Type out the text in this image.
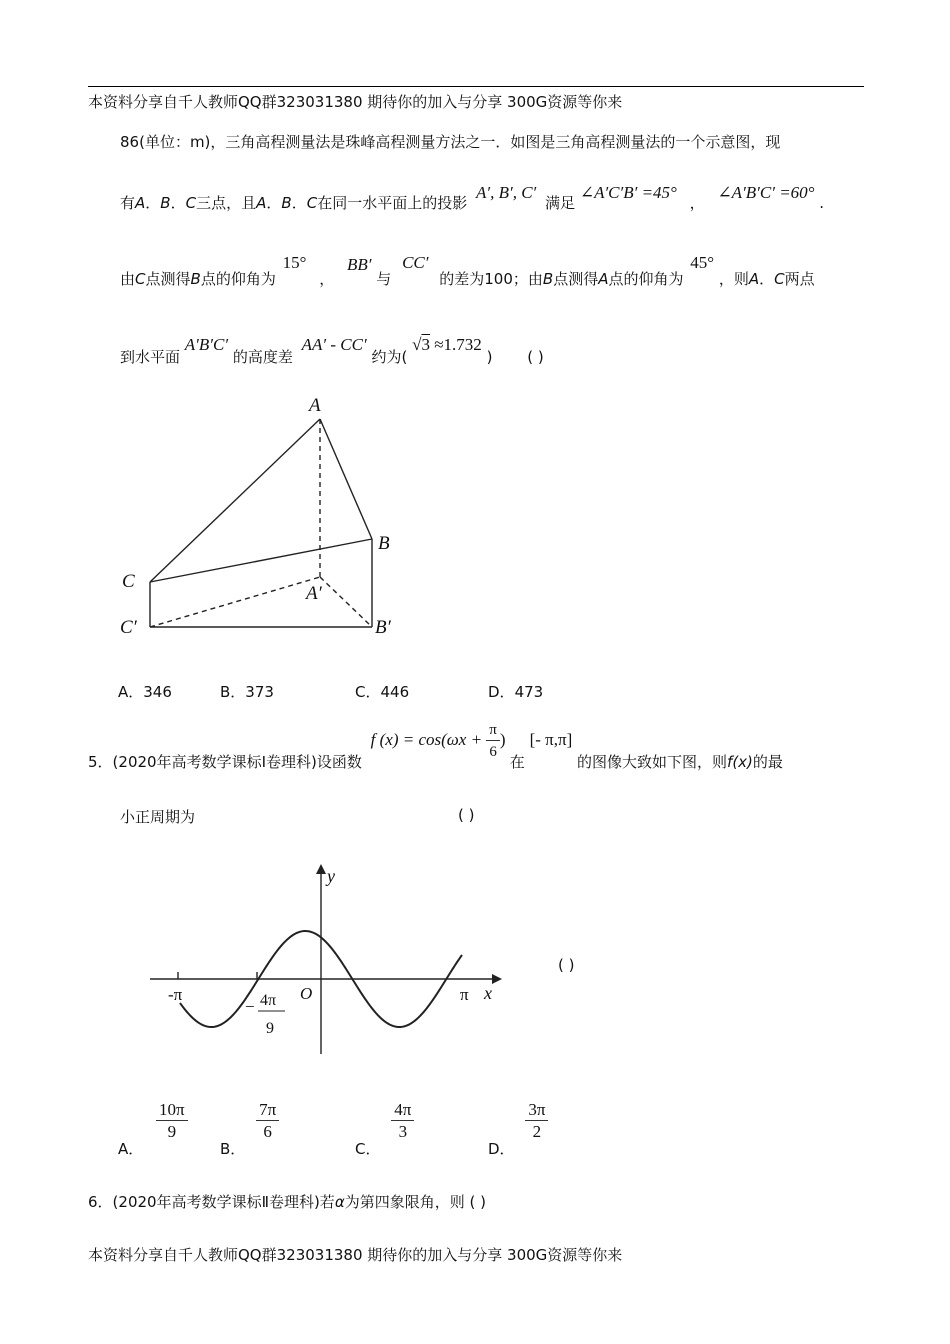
本资料分享自千人教师QQ群323031380 期待你的加入与分享 300G资源等你来
86(单位：m)，三角高程测量法是珠峰高程测量方法之一．如图是三角高程测量法的一个示意图，现
有A．B．C三点，且A．B．C在同一水平面上的投影 A′, B′, C′ 满足 ∠A′C′B′ =45° ， ∠A′B′C′ =60° .
由C点测得B点的仰角为 15° ， BB′ 与 CC′ 的差为100；由B点测得A点的仰角为 45° ，则A．C两点
到水平面 A′B′C′ 的高度差 AA′ - CC′ 约为( √3 ≈1.732 ) ( )
A
B
C
A′
B′
C′
A．346	B．373	C．446	D．473
5．(2020年高考数学课标Ⅰ卷理科)设函数 f $(x) = \cos(\omega x + \frac{\pi}{6}$ ) 在 [- π,π] 的图像大致如下图，则f(x)的最
小正周期为	( )
y
x
O
-π	π
− 4π
9
( )
A．
$\frac{10\pi}{9}$
B．
$\frac{7\pi}{6}$
C．
$\frac{4\pi}{3}$
D．
$\frac{3\pi}{2}$
6．(2020年高考数学课标Ⅱ卷理科)若α为第四象限角，则 ( )
本资料分享自千人教师QQ群323031380 期待你的加入与分享 300G资源等你来
